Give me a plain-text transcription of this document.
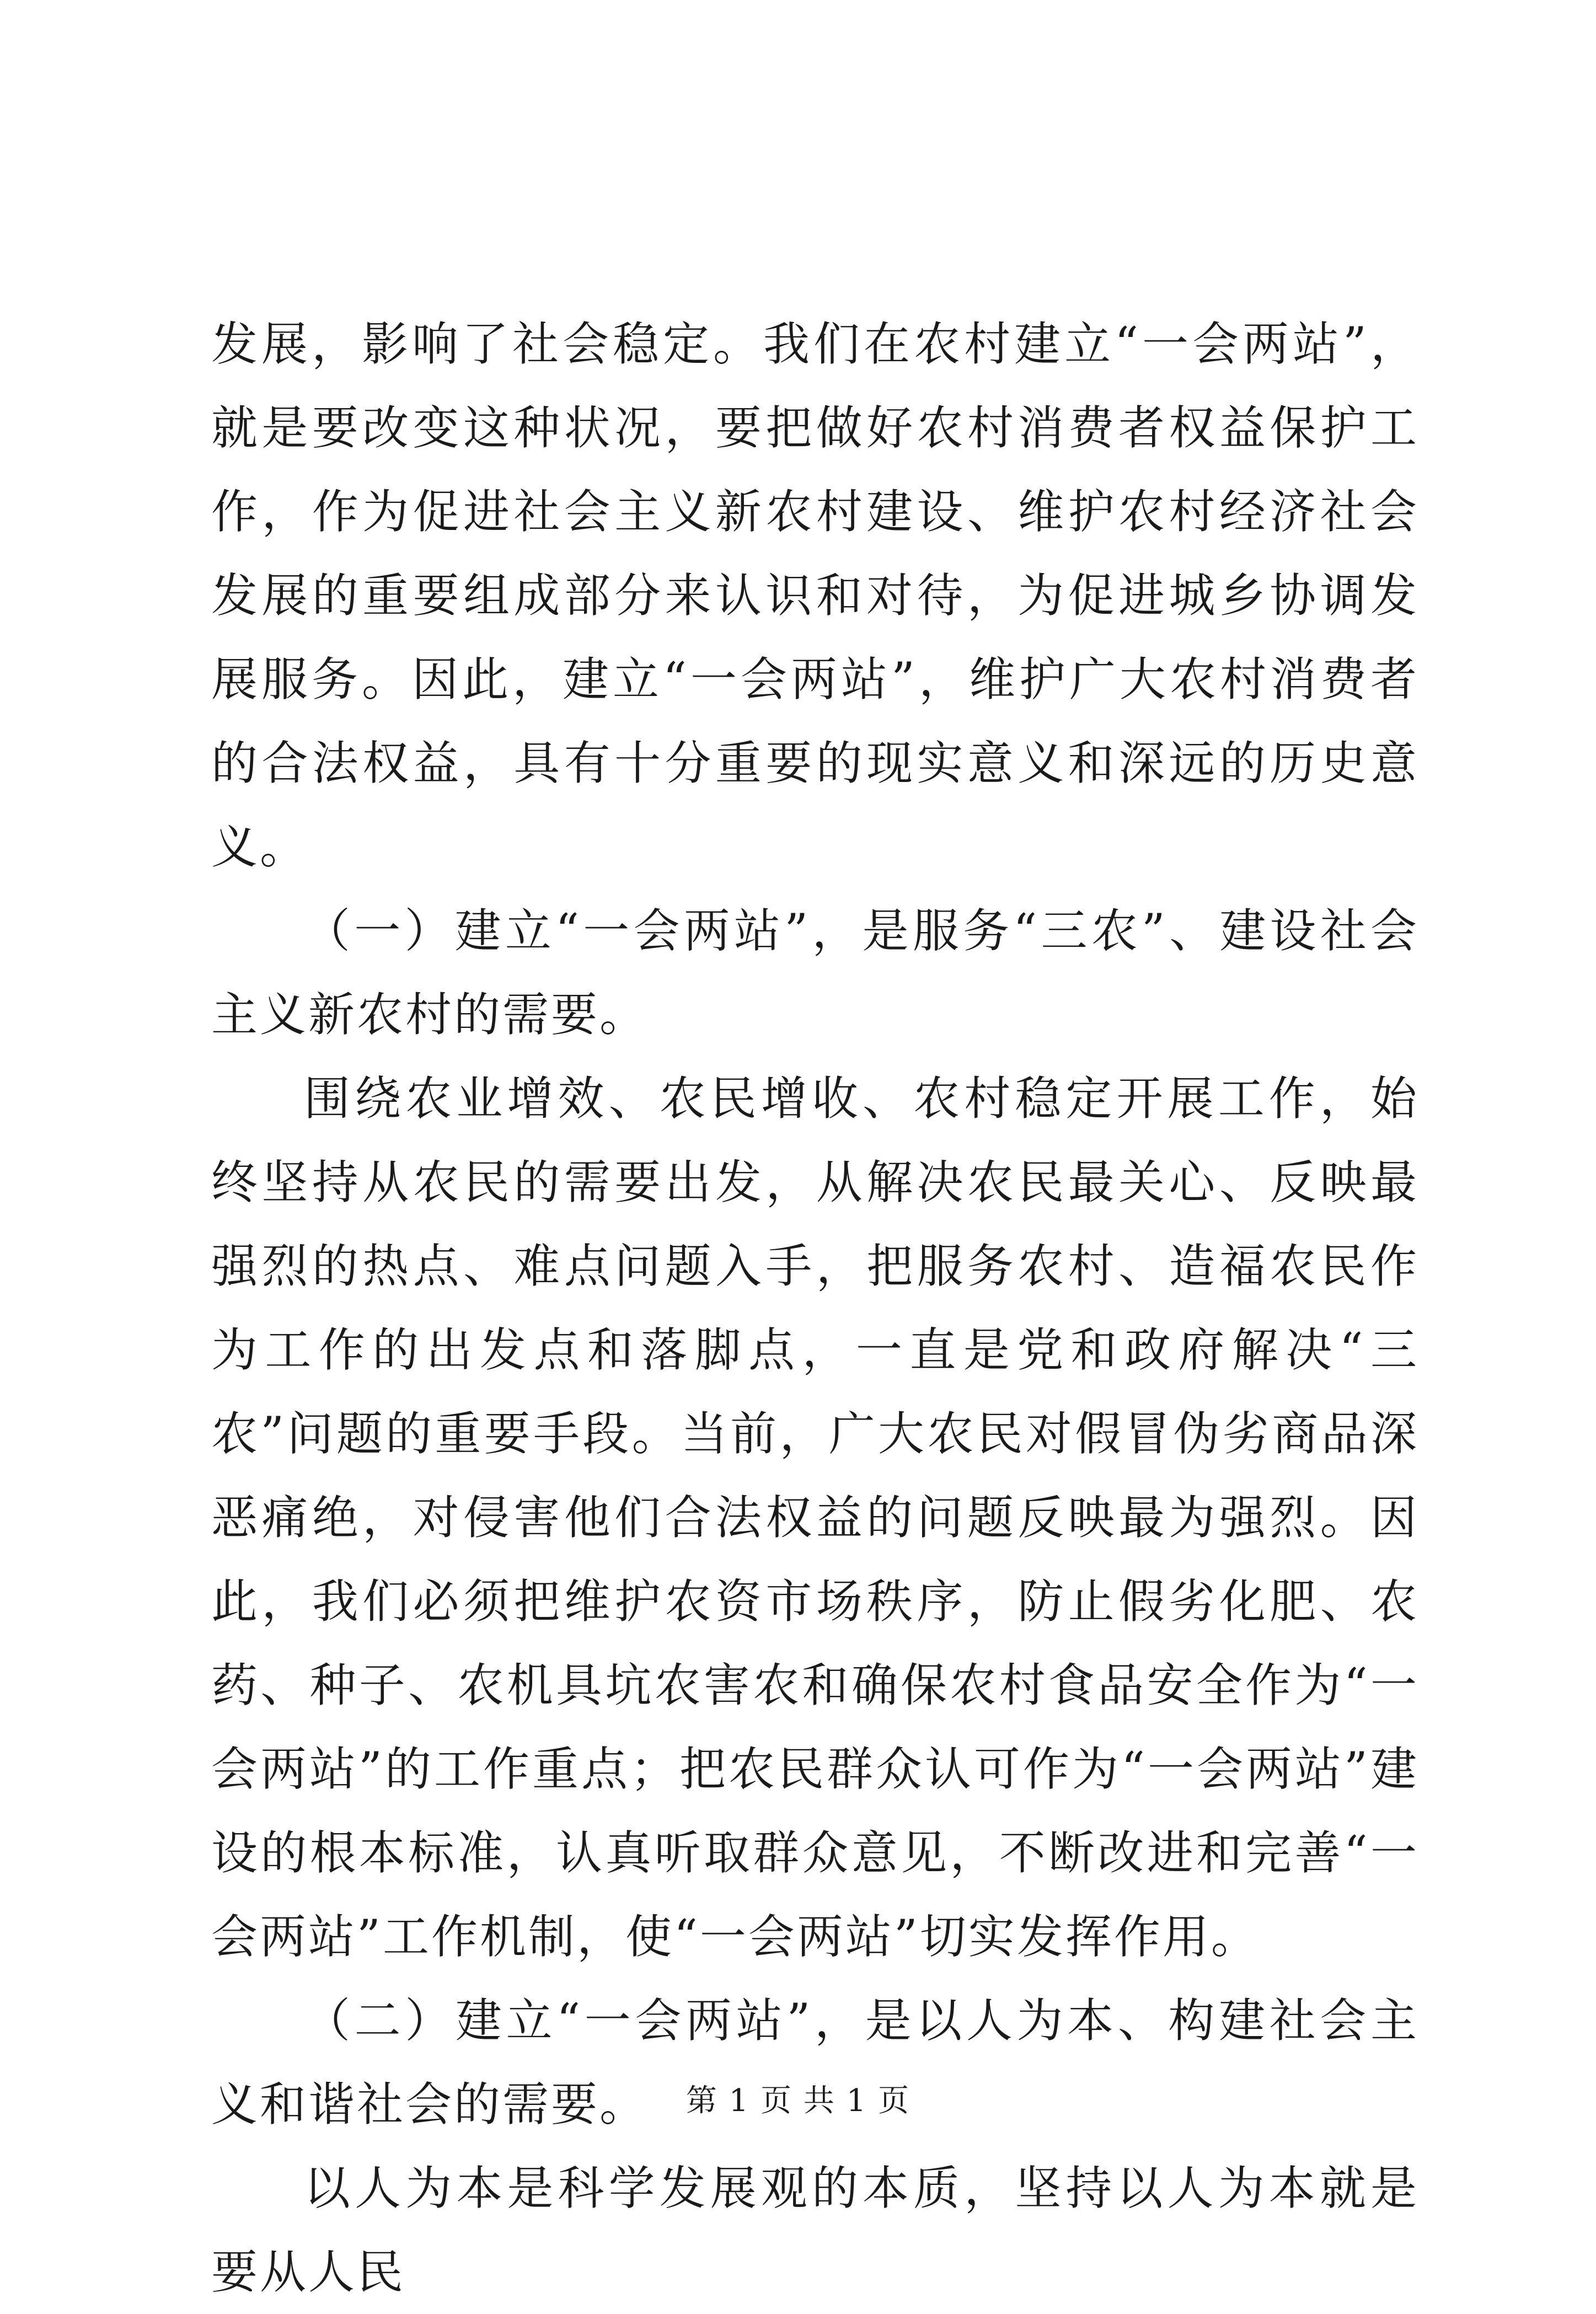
发展，影响了社会稳定。我们在农村建立“一会两站”，就是要改变这种状况，要把做好农村消费者权益保护工作，作为促进社会主义新农村建设、维护农村经济社会发展的重要组成部分来认识和对待，为促进城乡协调发展服务。因此，建立“一会两站”，维护广大农村消费者的合法权益，具有十分重要的现实意义和深远的历史意义。

（一）建立“一会两站”，是服务“三农”、建设社会主义新农村的需要。

围绕农业增效、农民增收、农村稳定开展工作，始终坚持从农民的需要出发，从解决农民最关心、反映最强烈的热点、难点问题入手，把服务农村、造福农民作为工作的出发点和落脚点，一直是党和政府解决“三农”问题的重要手段。当前，广大农民对假冒伪劣商品深恶痛绝，对侵害他们合法权益的问题反映最为强烈。因此，我们必须把维护农资市场秩序，防止假劣化肥、农药、种子、农机具坑农害农和确保农村食品安全作为“一会两站”的工作重点；把农民群众认可作为“一会两站”建设的根本标准，认真听取群众意见，不断改进和完善“一会两站”工作机制，使“一会两站”切实发挥作用。

（二）建立“一会两站”，是以人为本、构建社会主义和谐社会的需要。

以人为本是科学发展观的本质，坚持以人为本就是要从人民

第 1 页 共 1 页
